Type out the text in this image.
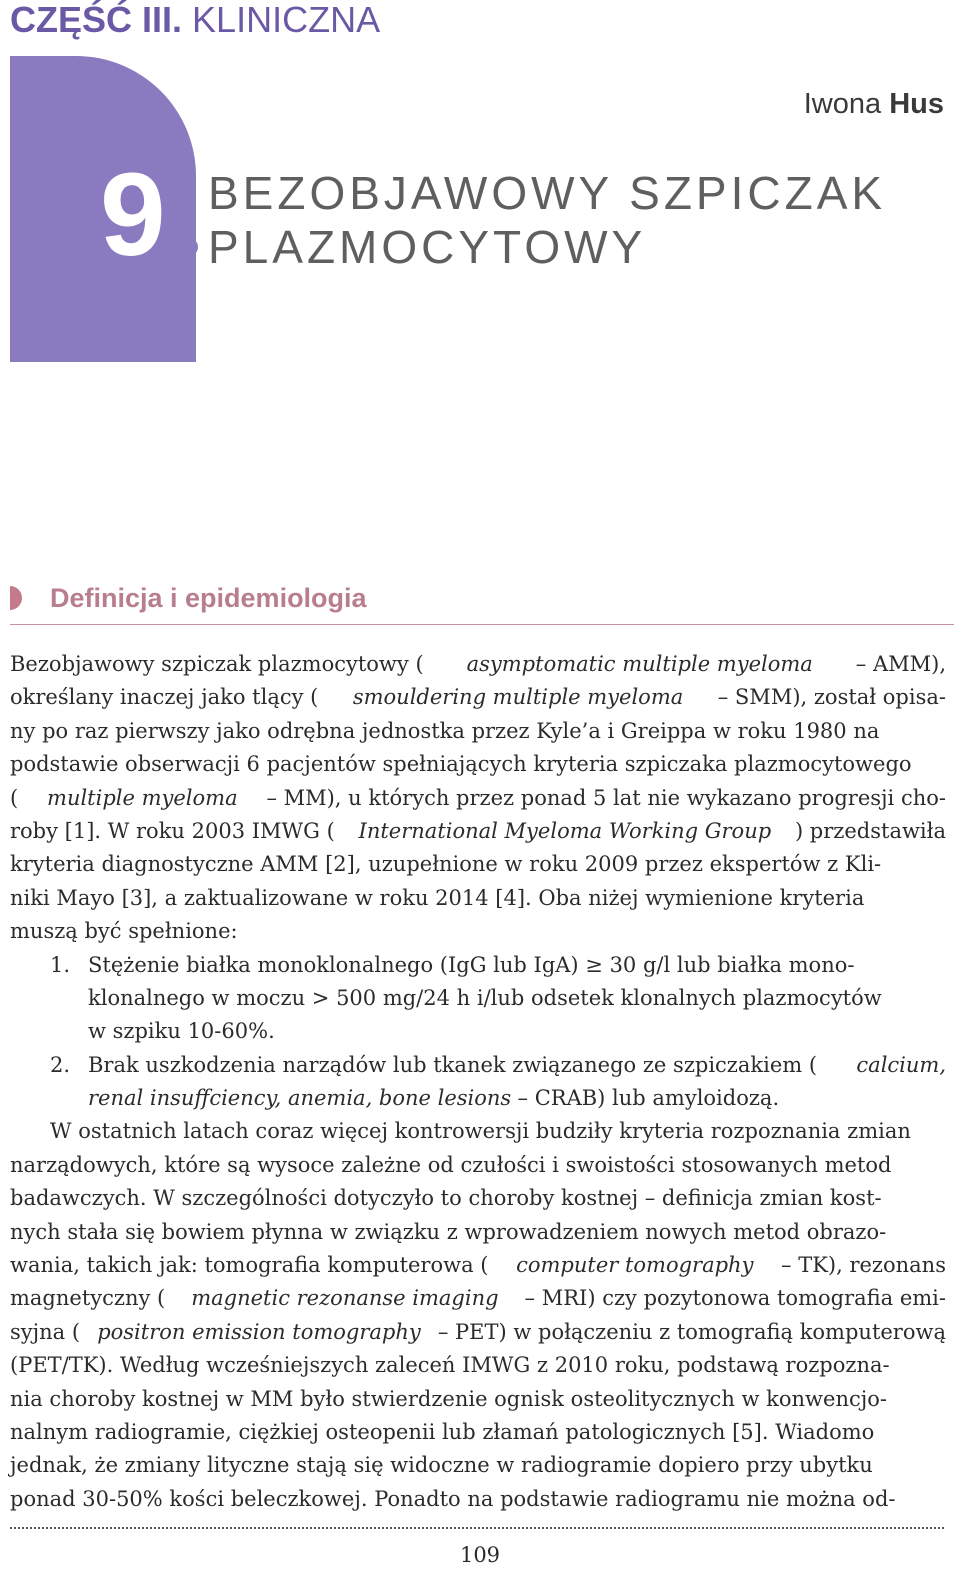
CZĘŚĆ III. KLINICZNA
9
Iwona Hus
BEZOBJAWOWY SZPICZAK
PLAZMOCYTOWY
Definicja i epidemiologia
Bezobjawowy szpiczak plazmocytowy ( asymptomatic multiple myeloma – AMM),
określany inaczej jako tlący ( smouldering multiple myeloma – SMM), został opisa-
ny po raz pierwszy jako odrębna jednostka przez Kyle’a i Greippa w roku 1980 na
podstawie obserwacji 6 pacjentów spełniających kryteria szpiczaka plazmocytowego
( multiple myeloma – MM), u których przez ponad 5 lat nie wykazano progresji cho-
roby [1]. W roku 2003 IMWG ( International Myeloma Working Group ) przedstawiła
kryteria diagnostyczne AMM [2], uzupełnione w roku 2009 przez ekspertów z Kli-
niki Mayo [3], a zaktualizowane w roku 2014 [4]. Oba niżej wymienione kryteria
muszą być spełnione:
1. Stężenie białka monoklonalnego (IgG lub IgA) ≥ 30 g/l lub białka mono-
klonalnego w moczu > 500 mg/24 h i/lub odsetek klonalnych plazmocytów
w szpiku 10-60%.
2. Brak uszkodzenia narządów lub tkanek związanego ze szpiczakiem ( calcium,
renal insuffciency, anemia, bone lesions – CRAB) lub amyloidozą.
W ostatnich latach coraz więcej kontrowersji budziły kryteria rozpoznania zmian
narządowych, które są wysoce zależne od czułości i swoistości stosowanych metod
badawczych. W szczególności dotyczyło to choroby kostnej – definicja zmian kost-
nych stała się bowiem płynna w związku z wprowadzeniem nowych metod obrazo-
wania, takich jak: tomografia komputerowa ( computer tomography – TK), rezonans
magnetyczny ( magnetic rezonanse imaging – MRI) czy pozytonowa tomografia emi-
syjna ( positron emission tomography – PET) w połączeniu z tomografią komputerową
(PET/TK). Według wcześniejszych zaleceń IMWG z 2010 roku, podstawą rozpozna-
nia choroby kostnej w MM było stwierdzenie ognisk osteolitycznych w konwencjo-
nalnym radiogramie, ciężkiej osteopenii lub złamań patologicznych [5]. Wiadomo
jednak, że zmiany lityczne stają się widoczne w radiogramie dopiero przy ubytku
ponad 30-50% kości beleczkowej. Ponadto na podstawie radiogramu nie można od-
109
